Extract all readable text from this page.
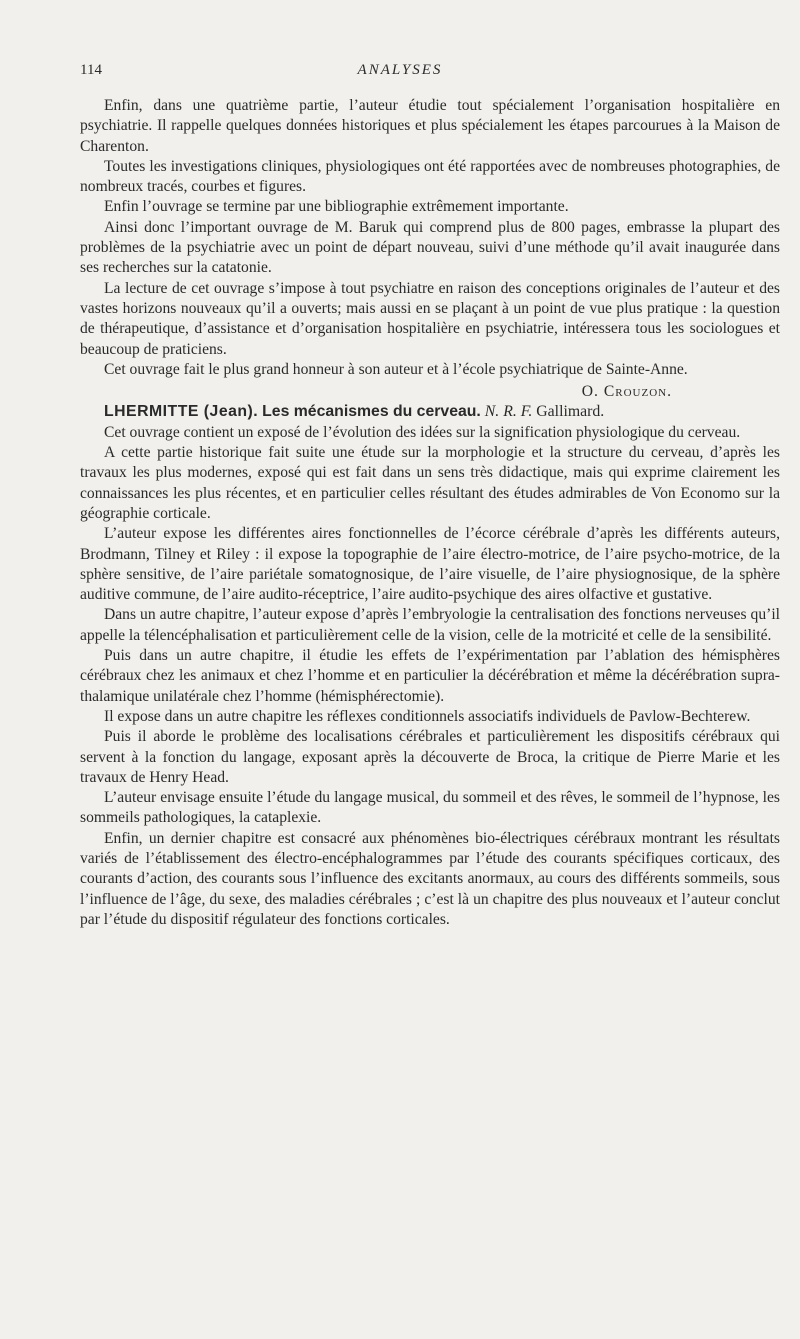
114	ANALYSES

Enfin, dans une quatrième partie, l’auteur étudie tout spécialement l’organisation hospitalière en psychiatrie. Il rappelle quelques données historiques et plus spécialement les étapes parcourues à la Maison de Charenton.

Toutes les investigations cliniques, physiologiques ont été rapportées avec de nombreuses photographies, de nombreux tracés, courbes et figures.

Enfin l’ouvrage se termine par une bibliographie extrêmement importante.

Ainsi donc l’important ouvrage de M. Baruk qui comprend plus de 800 pages, embrasse la plupart des problèmes de la psychiatrie avec un point de départ nouveau, suivi d’une méthode qu’il avait inaugurée dans ses recherches sur la catatonie.

La lecture de cet ouvrage s’impose à tout psychiatre en raison des conceptions originales de l’auteur et des vastes horizons nouveaux qu’il a ouverts; mais aussi en se plaçant à un point de vue plus pratique : la question de thérapeutique, d’assistance et d’organisation hospitalière en psychiatrie, intéressera tous les sociologues et beaucoup de praticiens.

Cet ouvrage fait le plus grand honneur à son auteur et à l’école psychiatrique de Sainte-Anne.

O. Crouzon.

LHERMITTE (Jean). Les mécanismes du cerveau. N. R. F. Gallimard.

Cet ouvrage contient un exposé de l’évolution des idées sur la signification physiologique du cerveau.

A cette partie historique fait suite une étude sur la morphologie et la structure du cerveau, d’après les travaux les plus modernes, exposé qui est fait dans un sens très didactique, mais qui exprime clairement les connaissances les plus récentes, et en particulier celles résultant des études admirables de Von Economo sur la géographie corticale.

L’auteur expose les différentes aires fonctionnelles de l’écorce cérébrale d’après les différents auteurs, Brodmann, Tilney et Riley : il expose la topographie de l’aire électro-motrice, de l’aire psycho-motrice, de la sphère sensitive, de l’aire pariétale somatognosique, de l’aire visuelle, de l’aire physiognosique, de la sphère auditive commune, de l’aire audito-réceptrice, l’aire audito-psychique des aires olfactive et gustative.

Dans un autre chapitre, l’auteur expose d’après l’embryologie la centralisation des fonctions nerveuses qu’il appelle la télencéphalisation et particulièrement celle de la vision, celle de la motricité et celle de la sensibilité.

Puis dans un autre chapitre, il étudie les effets de l’expérimentation par l’ablation des hémisphères cérébraux chez les animaux et chez l’homme et en particulier la décérébration et même la décérébration supra-thalamique unilatérale chez l’homme (hémisphérectomie).

Il expose dans un autre chapitre les réflexes conditionnels associatifs individuels de Pavlow-Bechterew.

Puis il aborde le problème des localisations cérébrales et particulièrement les dispositifs cérébraux qui servent à la fonction du langage, exposant après la découverte de Broca, la critique de Pierre Marie et les travaux de Henry Head.

L’auteur envisage ensuite l’étude du langage musical, du sommeil et des rêves, le sommeil de l’hypnose, les sommeils pathologiques, la cataplexie.

Enfin, un dernier chapitre est consacré aux phénomènes bio-électriques cérébraux montrant les résultats variés de l’établissement des électro-encéphalogrammes par l’étude des courants spécifiques corticaux, des courants d’action, des courants sous l’influence des excitants anormaux, au cours des différents sommeils, sous l’influence de l’âge, du sexe, des maladies cérébrales ; c’est là un chapitre des plus nouveaux et l’auteur conclut par l’étude du dispositif régulateur des fonctions corticales.
